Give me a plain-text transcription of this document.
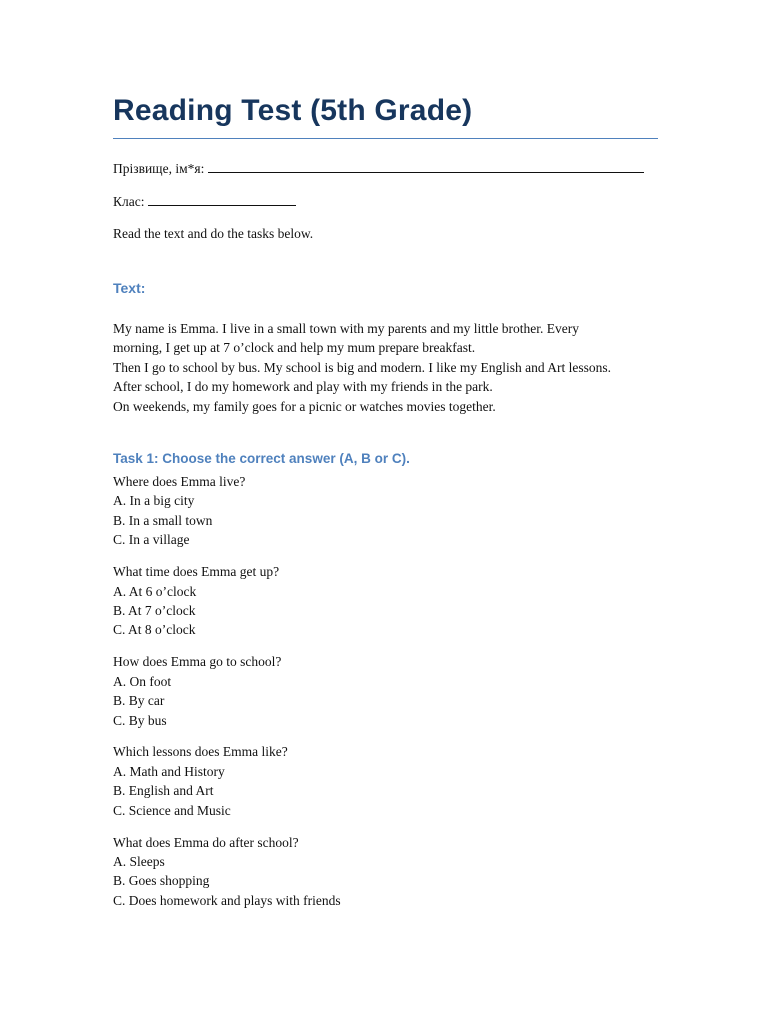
Reading Test (5th Grade)
Прізвище, ім*я:
Клас:
Read the text and do the tasks below.
Text:
My name is Emma. I live in a small town with my parents and my little brother. Every
morning, I get up at 7 o’clock and help my mum prepare breakfast.
Then I go to school by bus. My school is big and modern. I like my English and Art lessons.
After school, I do my homework and play with my friends in the park.
On weekends, my family goes for a picnic or watches movies together.
Task 1: Choose the correct answer (A, B or C).
Where does Emma live?
A. In a big city
B. In a small town
C. In a village
What time does Emma get up?
A. At 6 o’clock
B. At 7 o’clock
C. At 8 o’clock
How does Emma go to school?
A. On foot
B. By car
C. By bus
Which lessons does Emma like?
A. Math and History
B. English and Art
C. Science and Music
What does Emma do after school?
A. Sleeps
B. Goes shopping
C. Does homework and plays with friends
